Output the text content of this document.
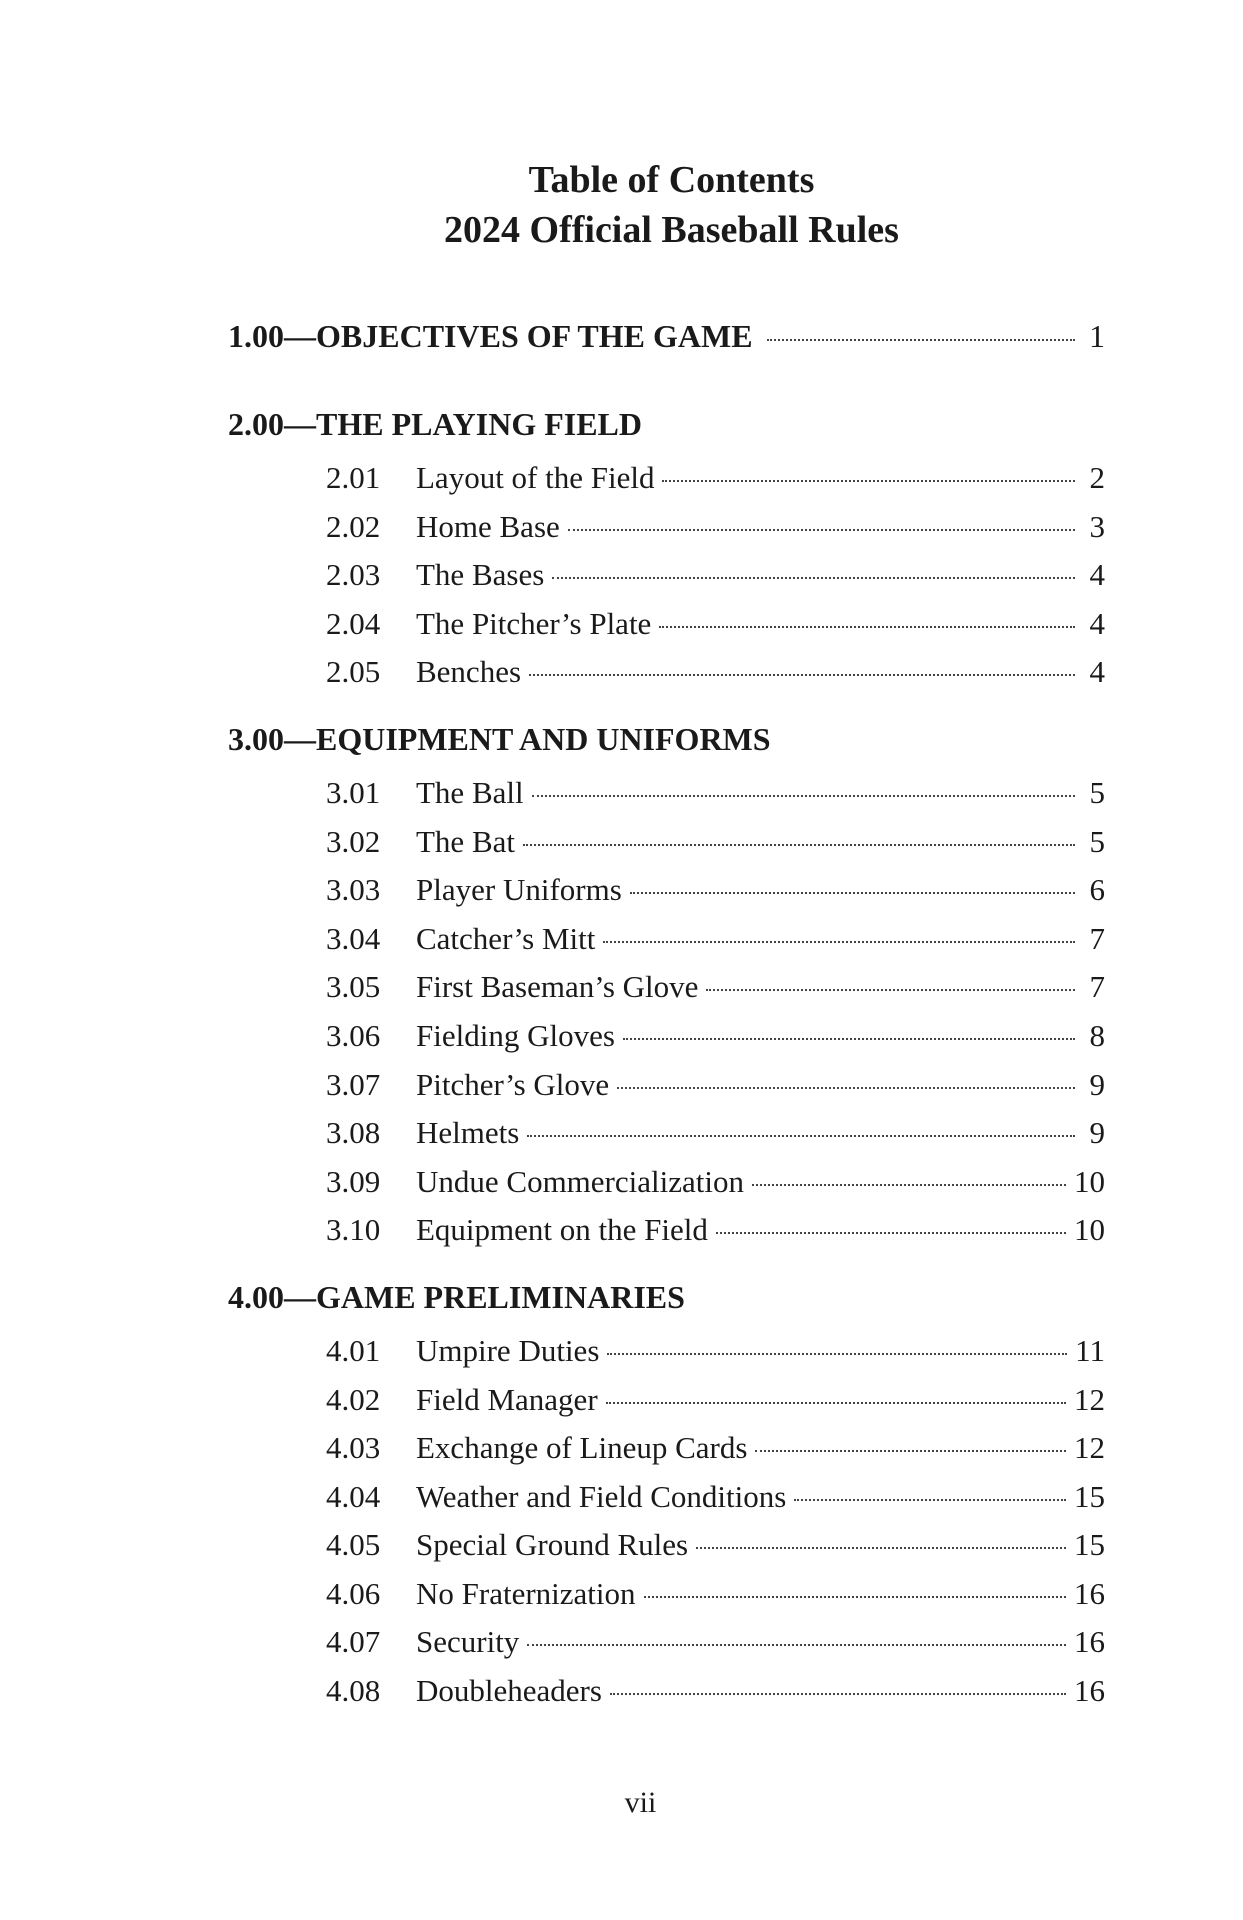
Table of Contents
2024 Official Baseball Rules
1.00 — OBJECTIVES OF THE GAME	1
2.00 — THE PLAYING FIELD
2.01	Layout of the Field	2
2.02	Home Base	3
2.03	The Bases	4
2.04	The Pitcher’s Plate	4
2.05	Benches	4
3.00 — EQUIPMENT AND UNIFORMS
3.01	The Ball	5
3.02	The Bat	5
3.03	Player Uniforms	6
3.04	Catcher’s Mitt	7
3.05	First Baseman’s Glove	7
3.06	Fielding Gloves	8
3.07	Pitcher’s Glove	9
3.08	Helmets	9
3.09	Undue Commercialization	10
3.10	Equipment on the Field	10
4.00 — GAME PRELIMINARIES
4.01	Umpire Duties	11
4.02	Field Manager	12
4.03	Exchange of Lineup Cards	12
4.04	Weather and Field Conditions	15
4.05	Special Ground Rules	15
4.06	No Fraternization	16
4.07	Security	16
4.08	Doubleheaders	16
vii
